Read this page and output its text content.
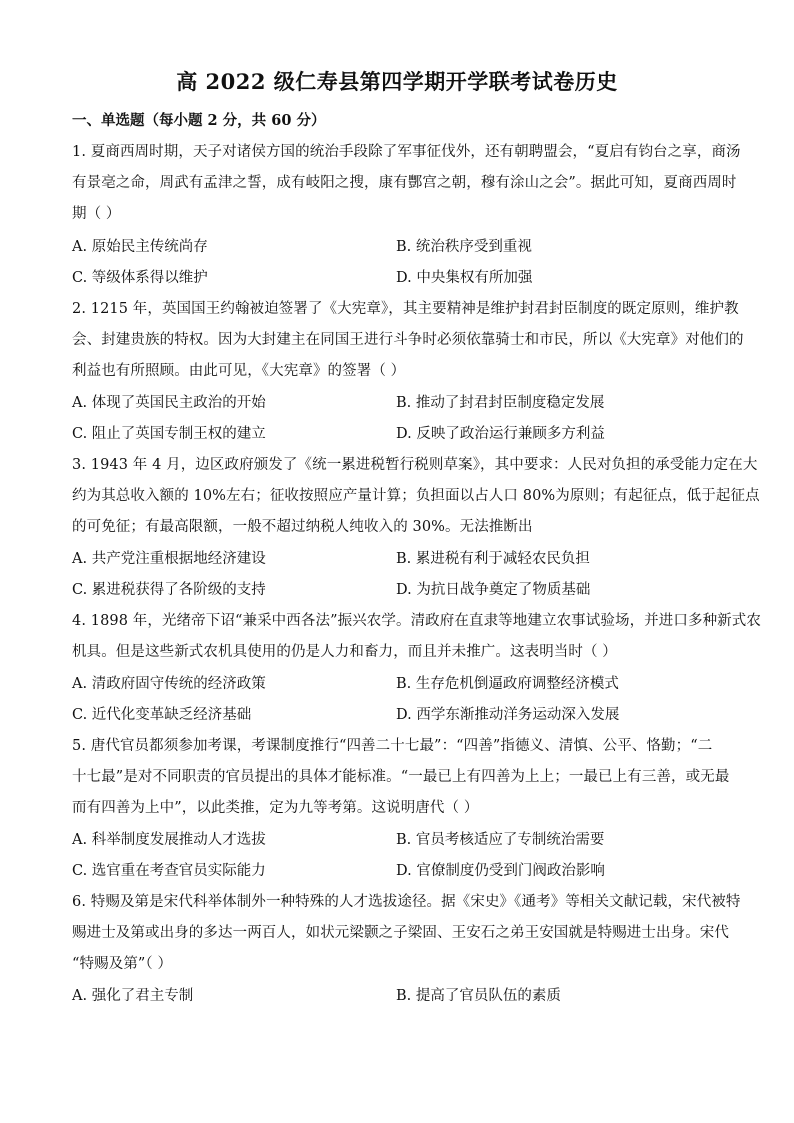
高 2022 级仁寿县第四学期开学联考试卷历史
一、单选题（每小题 2 分，共 60 分）
1. 夏商西周时期，天子对诸侯方国的统治手段除了军事征伐外，还有朝聘盟会，“夏启有钧台之享，商汤
有景亳之命，周武有孟津之誓，成有岐阳之搜，康有酆宫之朝，穆有涂山之会”。据此可知，夏商西周时
期（ ）
A. 原始民主传统尚存	B. 统治秩序受到重视
C. 等级体系得以维护	D. 中央集权有所加强
2. 1215 年，英国国王约翰被迫签署了《大宪章》，其主要精神是维护封君封臣制度的既定原则，维护教
会、封建贵族的特权。因为大封建主在同国王进行斗争时必须依靠骑士和市民，所以《大宪章》对他们的
利益也有所照顾。由此可见，《大宪章》的签署（ ）
A. 体现了英国民主政治的开始	B. 推动了封君封臣制度稳定发展
C. 阻止了英国专制王权的建立	D. 反映了政治运行兼顾多方利益
3. 1943 年 4 月，边区政府颁发了《统一累进税暂行税则草案》，其中要求：人民对负担的承受能力定在大
约为其总收入额的 10%左右；征收按照应产量计算；负担面以占人口 80%为原则；有起征点，低于起征点
的可免征；有最高限额，一般不超过纳税人纯收入的 30%。无法推断出
A. 共产党注重根据地经济建设	B. 累进税有利于减轻农民负担
C. 累进税获得了各阶级的支持	D. 为抗日战争奠定了物质基础
4. 1898 年，光绪帝下诏“兼采中西各法”振兴农学。清政府在直隶等地建立农事试验场，并进口多种新式农
机具。但是这些新式农机具使用的仍是人力和畜力，而且并未推广。这表明当时（ ）
A. 清政府固守传统的经济政策	B. 生存危机倒逼政府调整经济模式
C. 近代化变革缺乏经济基础	D. 西学东渐推动洋务运动深入发展
5. 唐代官员都须参加考课，考课制度推行“四善二十七最”：“四善”指德义、清慎、公平、恪勤；“二
十七最”是对不同职责的官员提出的具体才能标准。“一最已上有四善为上上；一最已上有三善，或无最
而有四善为上中”，以此类推，定为九等考第。这说明唐代（ ）
A. 科举制度发展推动人才选拔	B. 官员考核适应了专制统治需要
C. 选官重在考查官员实际能力	D. 官僚制度仍受到门阀政治影响
6. 特赐及第是宋代科举体制外一种特殊的人才选拔途径。据《宋史》《通考》等相关文献记载，宋代被特
赐进士及第或出身的多达一两百人，如状元梁颢之子梁固、王安石之弟王安国就是特赐进士出身。宋代
“特赐及第”（ ）
A. 强化了君主专制	B. 提高了官员队伍的素质
